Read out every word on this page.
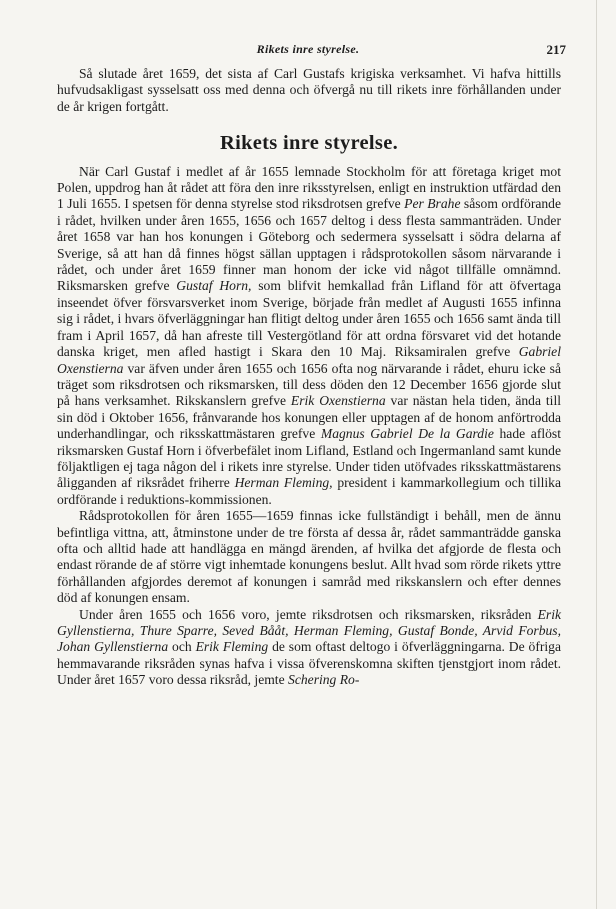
Rikets inre styrelse.	217

Så slutade året 1659, det sista af Carl Gustafs krigiska verksamhet. Vi hafva hittills hufvudsakligast sysselsatt oss med denna och öfvergå nu till rikets inre förhållanden under de år krigen fortgått.

Rikets inre styrelse.

När Carl Gustaf i medlet af år 1655 lemnade Stockholm för att företaga kriget mot Polen, uppdrog han åt rådet att föra den inre riksstyrelsen, enligt en instruktion utfärdad den 1 Juli 1655. I spetsen för denna styrelse stod riksdrotsen grefve Per Brahe såsom ordförande i rådet, hvilken under åren 1655, 1656 och 1657 deltog i dess flesta sammanträden. Under året 1658 var han hos konungen i Göteborg och sedermera sysselsatt i södra delarna af Sverige, så att han då finnes högst sällan upptagen i rådsprotokollen såsom närvarande i rådet, och under året 1659 finner man honom der icke vid något tillfälle omnämnd. Riksmarsken grefve Gustaf Horn, som blifvit hemkallad från Lifland för att öfvertaga inseendet öfver försvarsverket inom Sverige, började från medlet af Augusti 1655 infinna sig i rådet, i hvars öfverläggningar han flitigt deltog under åren 1655 och 1656 samt ända till fram i April 1657, då han afreste till Vestergötland för att ordna försvaret vid det hotande danska kriget, men afled hastigt i Skara den 10 Maj. Riksamiralen grefve Gabriel Oxenstierna var äfven under åren 1655 och 1656 ofta nog närvarande i rådet, ehuru icke så träget som riksdrotsen och riksmarsken, till dess döden den 12 December 1656 gjorde slut på hans verksamhet. Rikskanslern grefve Erik Oxenstierna var nästan hela tiden, ända till sin död i Oktober 1656, frånvarande hos konungen eller upptagen af de honom anförtrodda underhandlingar, och riksskattmästaren grefve Magnus Gabriel De la Gardie hade aflöst riksmarsken Gustaf Horn i öfverbefälet inom Lifland, Estland och Ingermanland samt kunde följaktligen ej taga någon del i rikets inre styrelse. Under tiden utöfvades riksskattmästarens åligganden af riksrådet friherre Herman Fleming, president i kammarkollegium och tillika ordförande i reduktions-kommissionen.

Rådsprotokollen för åren 1655—1659 finnas icke fullständigt i behåll, men de ännu befintliga vittna, att, åtminstone under de tre första af dessa år, rådet sammanträdde ganska ofta och alltid hade att handlägga en mängd ärenden, af hvilka det afgjorde de flesta och endast rörande de af större vigt inhemtade konungens beslut. Allt hvad som rörde rikets yttre förhållanden afgjordes deremot af konungen i samråd med rikskanslern och efter dennes död af konungen ensam.

Under åren 1655 och 1656 voro, jemte riksdrotsen och riksmarsken, riksråden Erik Gyllenstierna, Thure Sparre, Seved Bååt, Herman Fleming, Gustaf Bonde, Arvid Forbus, Johan Gyllenstierna och Erik Fleming de som oftast deltogo i öfverläggningarna. De öfriga hemmavarande riksråden synas hafva i vissa öfverenskomna skiften tjenstgjort inom rådet. Under året 1657 voro dessa riksråd, jemte Schering Ro-
